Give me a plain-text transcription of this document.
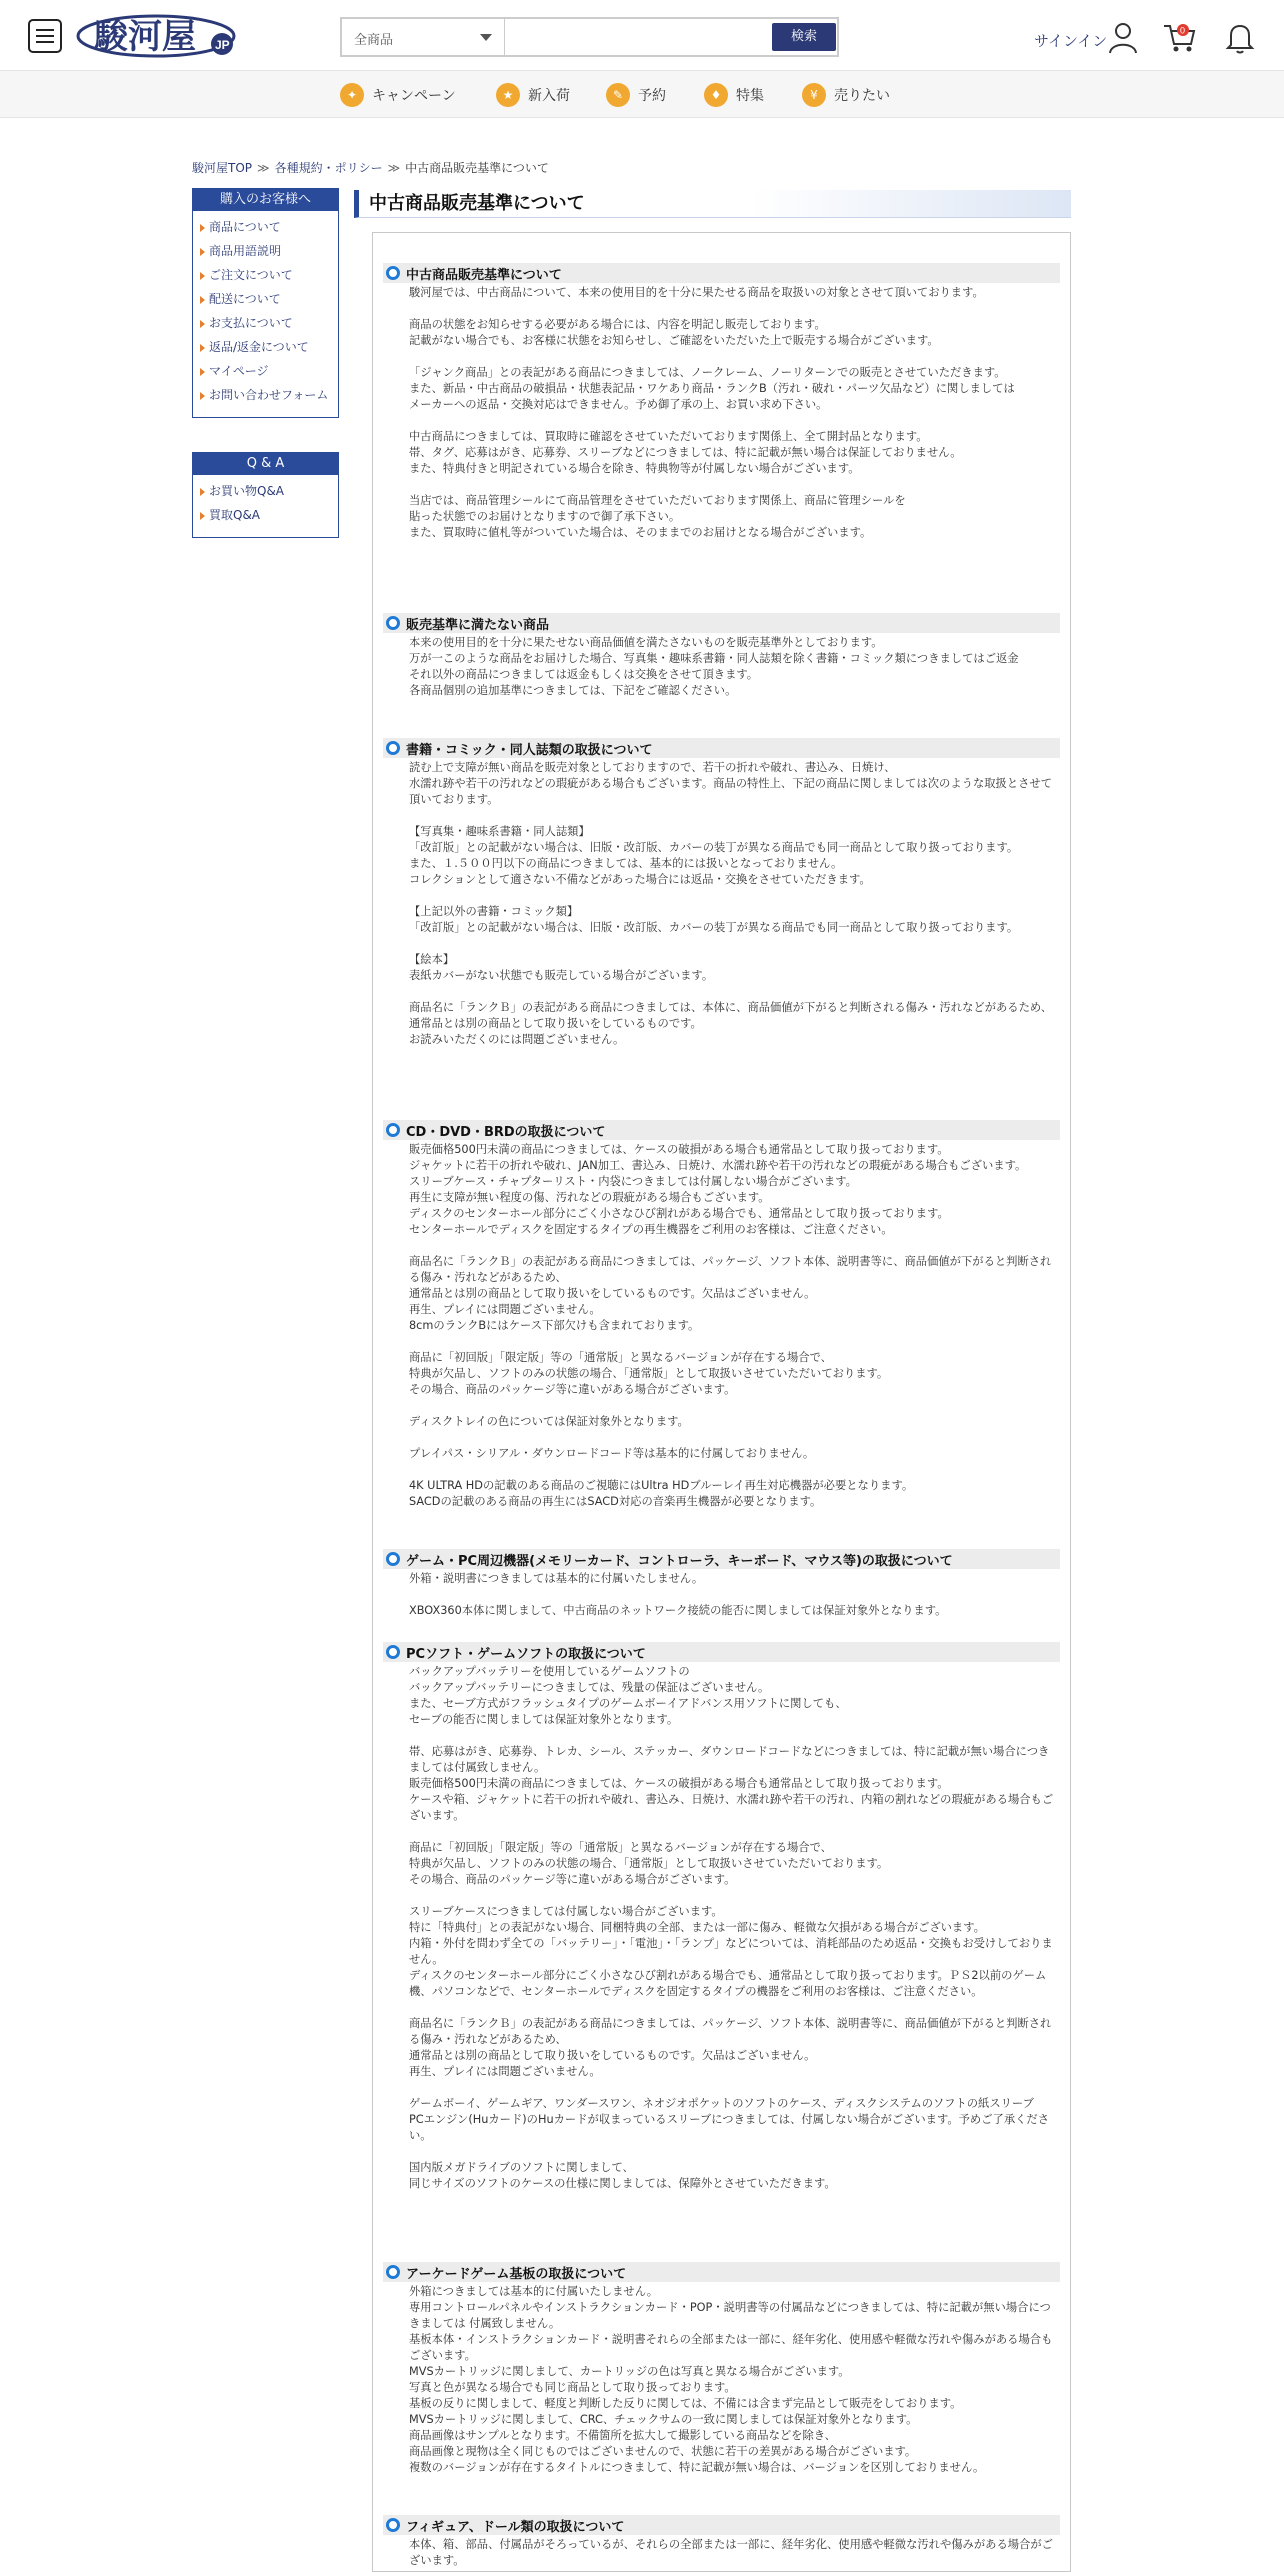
駿河屋 JP	全商品	検索	サインイン
0
✦	キャンペーン	★	新入荷	✎	予約	♦	特集	¥	売りたい
駿河屋TOP ≫ 各種規約・ポリシー ≫ 中古商品販売基準について
購入のお客様へ
商品について
商品用語説明
ご注文について
配送について
お支払について
返品/返金について
マイページ
お問い合わせフォーム
Q & A
お買い物Q&A
買取Q&A
中古商品販売基準について
中古商品販売基準について
駿河屋では、中古商品について、本来の使用目的を十分に果たせる商品を取扱いの対象とさせて頂いております。

商品の状態をお知らせする必要がある場合には、内容を明記し販売しております。
記載がない場合でも、お客様に状態をお知らせし、ご確認をいただいた上で販売する場合がございます。

「ジャンク商品」との表記がある商品につきましては、ノークレーム、ノーリターンでの販売とさせていただきます。
また、新品・中古商品の破損品・状態表記品・ワケあり商品・ランクB（汚れ・破れ・パーツ欠品など）に関しましては
メーカーへの返品・交換対応はできません。予め御了承の上、お買い求め下さい。

中古商品につきましては、買取時に確認をさせていただいております関係上、全て開封品となります。
帯、タグ、応募はがき、応募券、スリーブなどにつきましては、特に記載が無い場合は保証しておりません。
また、特典付きと明記されている場合を除き、特典物等が付属しない場合がございます。

当店では、商品管理シールにて商品管理をさせていただいております関係上、商品に管理シールを
貼った状態でのお届けとなりますので御了承下さい。
また、買取時に値札等がついていた場合は、そのままでのお届けとなる場合がございます。
販売基準に満たない商品
本来の使用目的を十分に果たせない商品価値を満たさないものを販売基準外としております。
万が一このような商品をお届けした場合、写真集・趣味系書籍・同人誌類を除く書籍・コミック類につきましてはご返金
それ以外の商品につきましては返金もしくは交換をさせて頂きます。
各商品個別の追加基準につきましては、下記をご確認ください。
書籍・コミック・同人誌類の取扱について
読む上で支障が無い商品を販売対象としておりますので、若干の折れや破れ、書込み、日焼け、
水濡れ跡や若干の汚れなどの瑕疵がある場合もございます。商品の特性上、下記の商品に関しましては次のような取扱とさせて頂いております。

【写真集・趣味系書籍・同人誌類】
「改訂版」との記載がない場合は、旧版・改訂版、カバーの装丁が異なる商品でも同一商品として取り扱っております。
また、１.５００円以下の商品につきましては、基本的には扱いとなっておりません。
コレクションとして適さない不備などがあった場合には返品・交換をさせていただきます。

【上記以外の書籍・コミック類】
「改訂版」との記載がない場合は、旧版・改訂版、カバーの装丁が異なる商品でも同一商品として取り扱っております。

【絵本】
表紙カバーがない状態でも販売している場合がございます。

商品名に「ランクＢ」の表記がある商品につきましては、本体に、商品価値が下がると判断される傷み・汚れなどがあるため、
通常品とは別の商品として取り扱いをしているものです。
お読みいただくのには問題ございません。
CD・DVD・BRDの取扱について
販売価格500円未満の商品につきましては、ケースの破損がある場合も通常品として取り扱っております。
ジャケットに若干の折れや破れ、JAN加工、書込み、日焼け、水濡れ跡や若干の汚れなどの瑕疵がある場合もございます。
スリーブケース・チャプターリスト・内袋につきましては付属しない場合がございます。
再生に支障が無い程度の傷、汚れなどの瑕疵がある場合もございます。
ディスクのセンターホール部分にごく小さなひび割れがある場合でも、通常品として取り扱っております。
センターホールでディスクを固定するタイプの再生機器をご利用のお客様は、ご注意ください。

商品名に「ランクＢ」の表記がある商品につきましては、パッケージ、ソフト本体、説明書等に、商品価値が下がると判断される傷み・汚れなどがあるため、
通常品とは別の商品として取り扱いをしているものです。欠品はございません。
再生、プレイには問題ございません。
8cmのランクBにはケース下部欠けも含まれております。

商品に「初回版」「限定版」等の「通常版」と異なるバージョンが存在する場合で、
特典が欠品し、ソフトのみの状態の場合、「通常版」として取扱いさせていただいております。
その場合、商品のパッケージ等に違いがある場合がございます。

ディスクトレイの色については保証対象外となります。

プレイパス・シリアル・ダウンロードコード等は基本的に付属しておりません。

4K ULTRA HDの記載のある商品のご視聴にはUltra HDブルーレイ再生対応機器が必要となります。
SACDの記載のある商品の再生にはSACD対応の音楽再生機器が必要となります。
ゲーム・PC周辺機器(メモリーカード、コントローラ、キーボード、マウス等)の取扱について
外箱・説明書につきましては基本的に付属いたしません。

XBOX360本体に関しまして、中古商品のネットワーク接続の能否に関しましては保証対象外となります。
PCソフト・ゲームソフトの取扱について
バックアップバッテリーを使用しているゲームソフトの
バックアップバッテリーにつきましては、残量の保証はございません。
また、セーブ方式がフラッシュタイプのゲームボーイアドバンス用ソフトに関しても、
セーブの能否に関しましては保証対象外となります。

帯、応募はがき、応募券、トレカ、シール、ステッカー、ダウンロードコードなどにつきましては、特に記載が無い場合につきましては付属致しません。
販売価格500円未満の商品につきましては、ケースの破損がある場合も通常品として取り扱っております。
ケースや箱、ジャケットに若干の折れや破れ、書込み、日焼け、水濡れ跡や若干の汚れ、内箱の割れなどの瑕疵がある場合もございます。

商品に「初回版」「限定版」等の「通常版」と異なるバージョンが存在する場合で、
特典が欠品し、ソフトのみの状態の場合、「通常版」として取扱いさせていただいております。
その場合、商品のパッケージ等に違いがある場合がございます。

スリーブケースにつきましては付属しない場合がございます。
特に「特典付」との表記がない場合、同梱特典の全部、または一部に傷み、軽微な欠損がある場合がございます。
内箱・外付を問わず全ての「バッテリー」・「電池」・「ランプ」などについては、消耗部品のため返品・交換もお受けしておりません。
ディスクのセンターホール部分にごく小さなひび割れがある場合でも、通常品として取り扱っております。ＰＳ2以前のゲーム機、パソコンなどで、センターホールでディスクを固定するタイプの機器をご利用のお客様は、ご注意ください。

商品名に「ランクＢ」の表記がある商品につきましては、パッケージ、ソフト本体、説明書等に、商品価値が下がると判断される傷み・汚れなどがあるため、
通常品とは別の商品として取り扱いをしているものです。欠品はございません。
再生、プレイには問題ございません。

ゲームボーイ、ゲームギア、ワンダースワン、ネオジオポケットのソフトのケース、ディスクシステムのソフトの紙スリーブ
PCエンジン(Huカード)のHuカードが収まっているスリーブにつきましては、付属しない場合がございます。予めご了承ください。

国内版メガドライブのソフトに関しまして、
同じサイズのソフトのケースの仕様に関しましては、保障外とさせていただきます。
アーケードゲーム基板の取扱について
外箱につきましては基本的に付属いたしません。
専用コントロールパネルやインストラクションカード・POP・説明書等の付属品などにつきましては、特に記載が無い場合につきましては 付属致しません。
基板本体・インストラクションカード・説明書それらの全部または一部に、経年劣化、使用感や軽微な汚れや傷みがある場合もございます。
MVSカートリッジに関しまして、カートリッジの色は写真と異なる場合がございます。
写真と色が異なる場合でも同じ商品として取り扱っております。
基板の反りに関しまして、軽度と判断した反りに関しては、不備には含まず完品として販売をしております。
MVSカートリッジに関しまして、CRC、チェックサムの一致に関しましては保証対象外となります。
商品画像はサンプルとなります。不備箇所を拡大して撮影している商品などを除き、
商品画像と現物は全く同じものではございませんので、状態に若干の差異がある場合がございます。
複数のバージョンが存在するタイトルにつきまして、特に記載が無い場合は、バージョンを区別しておりません。
フィギュア、ドール類の取扱について
本体、箱、部品、付属品がそろっているが、それらの全部または一部に、経年劣化、使用感や軽微な汚れや傷みがある場合がございます。
